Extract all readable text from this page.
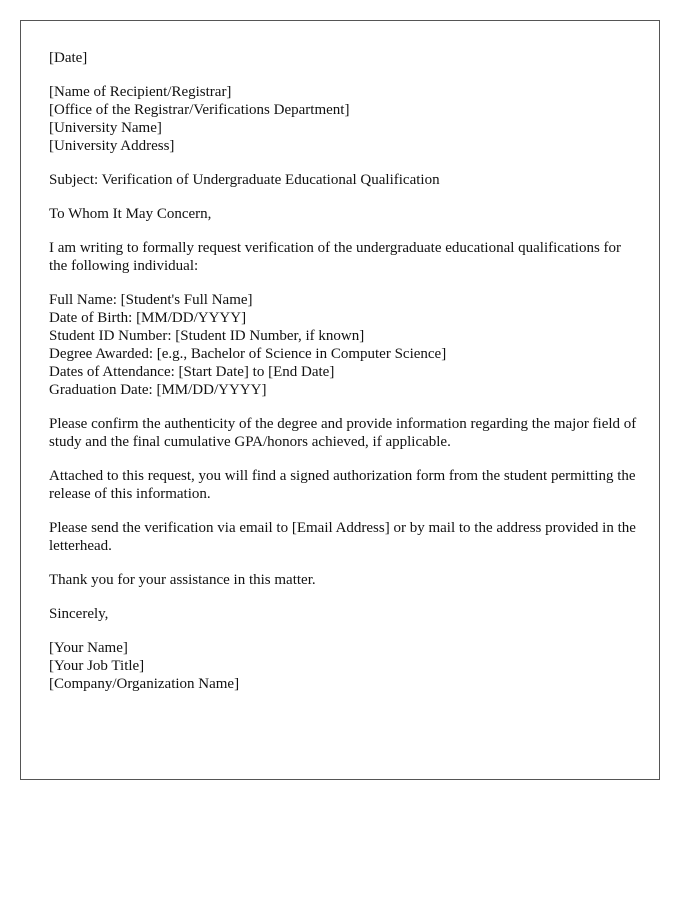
[Date]
[Name of Recipient/Registrar]
[Office of the Registrar/Verifications Department]
[University Name]
[University Address]
Subject: Verification of Undergraduate Educational Qualification
To Whom It May Concern,

I am writing to formally request verification of the undergraduate educational qualifications for the following individual:

Full Name: [Student's Full Name]
Date of Birth: [MM/DD/YYYY]
Student ID Number: [Student ID Number, if known]
Degree Awarded: [e.g., Bachelor of Science in Computer Science]
Dates of Attendance: [Start Date] to [End Date]
Graduation Date: [MM/DD/YYYY]

Please confirm the authenticity of the degree and provide information regarding the major field of study and the final cumulative GPA/honors achieved, if applicable.

Attached to this request, you will find a signed authorization form from the student permitting the release of this information.

Please send the verification via email to [Email Address] or by mail to the address provided in the letterhead.

Thank you for your assistance in this matter.

Sincerely,
[Your Name]
[Your Job Title]
[Company/Organization Name]
